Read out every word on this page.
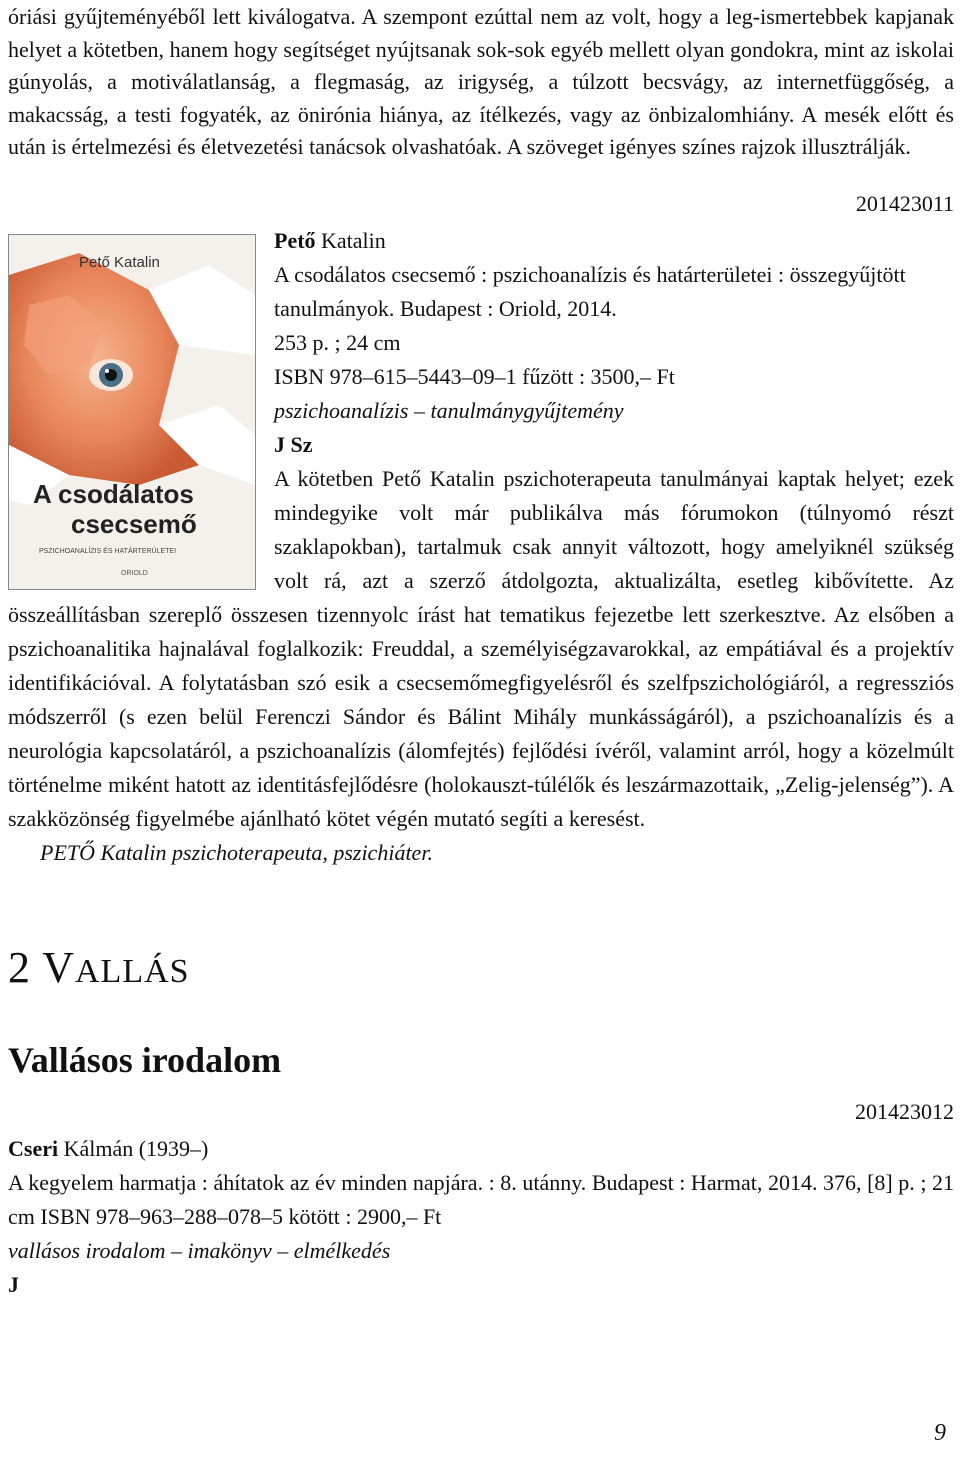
óriási gyűjteményéből lett kiválogatva. A szempont ezúttal nem az volt, hogy a leg-ismertebbek kapjanak helyet a kötetben, hanem hogy segítséget nyújtsanak sok-sok egyéb mellett olyan gondokra, mint az iskolai gúnyolás, a motiválatlanság, a flegmaság, az irigység, a túlzott becsvágy, az internetfüggőség, a makacsság, a testi fogyaték, az önirónia hiánya, az ítélkezés, vagy az önbizalomhiány. A mesék előtt és után is értelmezési és életvezetési tanácsok olvashatóak. A szöveget igényes színes rajzok illusztrálják.

201423011

Pető Katalin
A csodálatos
csecsemő
PSZICHOANALÍZIS ÉS HATÁRTERÜLETEI
ORIOLD

Pető Katalin

A csodálatos csecsemő : pszichoanalízis és határterületei : összegyűjtött tanulmányok. Budapest : Oriold, 2014.

253 p. ; 24 cm

ISBN 978–615–5443–09–1 fűzött : 3500,– Ft

pszichoanalízis – tanulmánygyűjtemény

J Sz

A kötetben Pető Katalin pszichoterapeuta tanulmányai kaptak helyet; ezek mindegyike volt már publikálva más fórumokon (túlnyomó részt szaklapokban), tartalmuk csak annyit változott, hogy amelyiknél szükség volt rá, azt a szerző átdolgozta, aktualizálta, esetleg kibővítette. Az összeállításban szereplő összesen tizennyolc írást hat tematikus fejezetbe lett szerkesztve. Az elsőben a pszichoanalitika hajnalával foglalkozik: Freuddal, a személyiségzavarokkal, az empátiával és a projektív identifikációval. A folytatásban szó esik a csecsemőmegfigyelésről és szelfpszichológiáról, a regressziós módszerről (s ezen belül Ferenczi Sándor és Bálint Mihály munkásságáról), a pszichoanalízis és a neurológia kapcsolatáról, a pszichoanalízis (álomfejtés) fejlődési ívéről, valamint arról, hogy a közelmúlt történelme miként hatott az identitásfejlődésre (holokauszt-túlélők és leszármazottaik, „Zelig-jelenség”). A szakközönség figyelmébe ajánlható kötet végén mutató segíti a keresést.

PETŐ Katalin pszichoterapeuta, pszichiáter.

2 VALLÁS
Vallásos irodalom

201423012

Cseri Kálmán (1939–)

A kegyelem harmatja : áhítatok az év minden napjára. : 8. utánny. Budapest : Harmat, 2014. 376, [8] p. ; 21 cm ISBN 978–963–288–078–5 kötött : 2900,– Ft

vallásos irodalom – imakönyv – elmélkedés

J

9
